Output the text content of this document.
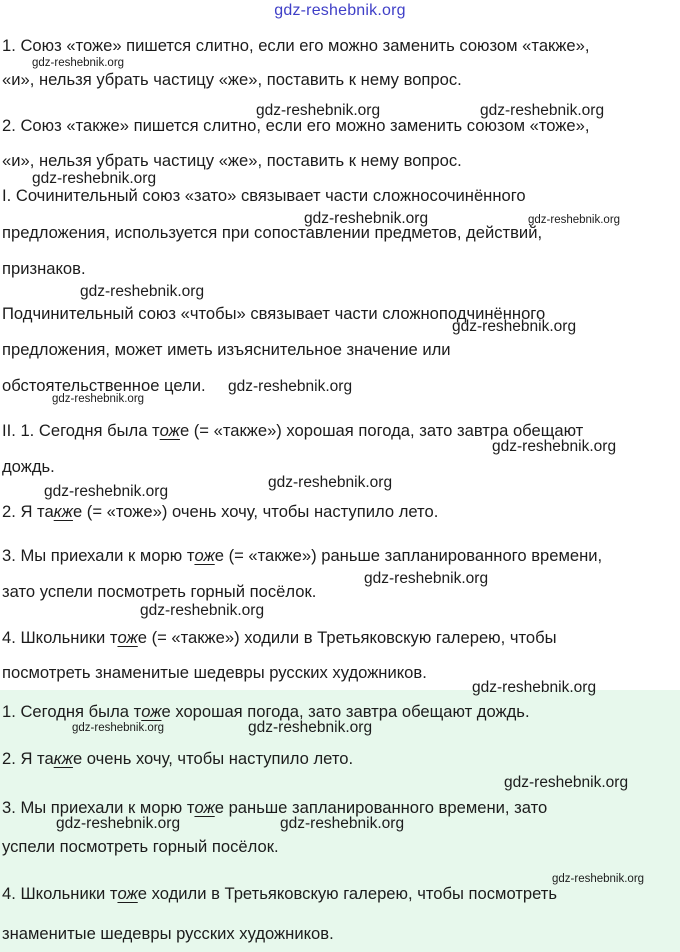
gdz-reshebnik.org
1. Союз «тоже» пишется слитно, если его можно заменить союзом «также»,
«и», нельзя убрать частицу «же», поставить к нему вопрос.
2. Союз «также» пишется слитно, если его можно заменить союзом «тоже»,
«и», нельзя убрать частицу «же», поставить к нему вопрос.
I. Сочинительный союз «зато» связывает части сложносочинённого
предложения, используется при сопоставлении предметов, действий,
признаков.
Подчинительный союз «чтобы» связывает части сложноподчинённого
предложения, может иметь изъяснительное значение или
обстоятельственное цели.
II. 1. Сегодня была тоже (= «также») хорошая погода, зато завтра обещают
дождь.
2. Я также (= «тоже») очень хочу, чтобы наступило лето.
3. Мы приехали к морю тоже (= «также») раньше запланированного времени,
зато успели посмотреть горный посёлок.
4. Школьники тоже (= «также») ходили в Третьяковскую галерею, чтобы
посмотреть знаменитые шедевры русских художников.
1. Сегодня была тоже хорошая погода, зато завтра обещают дождь.
2. Я также очень хочу, чтобы наступило лето.
3. Мы приехали к морю тоже раньше запланированного времени, зато
успели посмотреть горный посёлок.
4. Школьники тоже ходили в Третьяковскую галерею, чтобы посмотреть
знаменитые шедевры русских художников.
gdz-reshebnik.org
gdz-reshebnik.org	gdz-reshebnik.org
gdz-reshebnik.org
gdz-reshebnik.org	gdz-reshebnik.org
gdz-reshebnik.org
gdz-reshebnik.org
gdz-reshebnik.org
gdz-reshebnik.org
gdz-reshebnik.org
gdz-reshebnik.org
gdz-reshebnik.org
gdz-reshebnik.org
gdz-reshebnik.org
gdz-reshebnik.org
gdz-reshebnik.org	gdz-reshebnik.org
gdz-reshebnik.org
gdz-reshebnik.org	gdz-reshebnik.org
gdz-reshebnik.org
